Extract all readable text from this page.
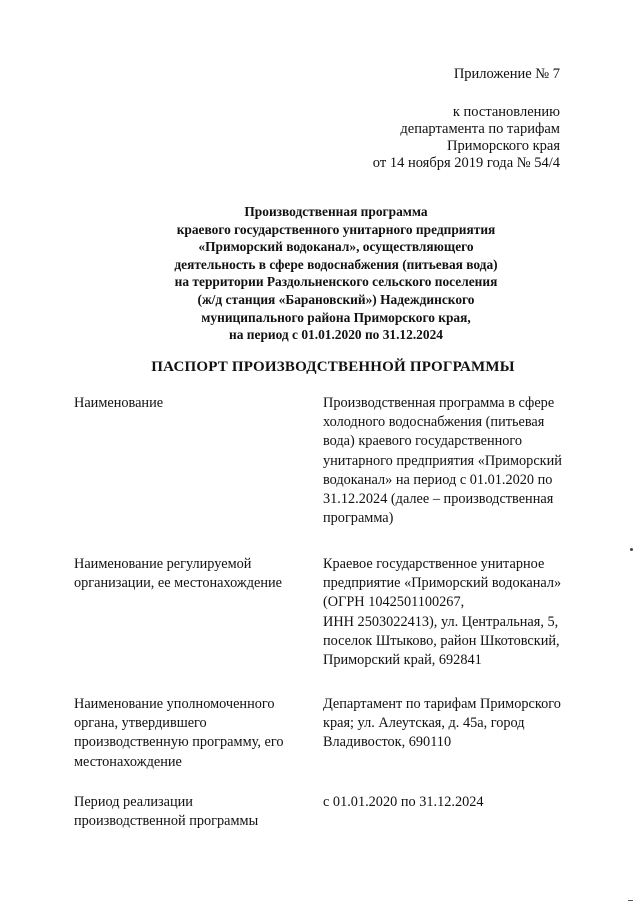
Приложение № 7
к постановлению
департамента по тарифам
Приморского края
от 14 ноября 2019 года № 54/4
Производственная программа
краевого государственного унитарного предприятия
«Приморский водоканал», осуществляющего
деятельность в сфере водоснабжения (питьевая вода)
на территории Раздольненского сельского поселения
(ж/д станция «Барановский») Надеждинского
муниципального района Приморского края,
на период с 01.01.2020 по 31.12.2024
ПАСПОРТ ПРОИЗВОДСТВЕННОЙ ПРОГРАММЫ
Наименование	Производственная программа в сфере
холодного водоснабжения (питьевая
вода) краевого государственного
унитарного предприятия «Приморский
водоканал» на период с 01.01.2020 по
31.12.2024 (далее – производственная
программа)
Наименование регулируемой
организации, ее местонахождение
Краевое государственное унитарное
предприятие «Приморский водоканал»
(ОГРН 1042501100267,
ИНН 2503022413), ул. Центральная, 5,
поселок Штыково, район Шкотовский,
Приморский край, 692841
Наименование уполномоченного
органа, утвердившего
производственную программу, его
местонахождение
Департамент по тарифам Приморского
края; ул. Алеутская, д. 45а, город
Владивосток, 690110
Период реализации
производственной программы
с 01.01.2020 по 31.12.2024
